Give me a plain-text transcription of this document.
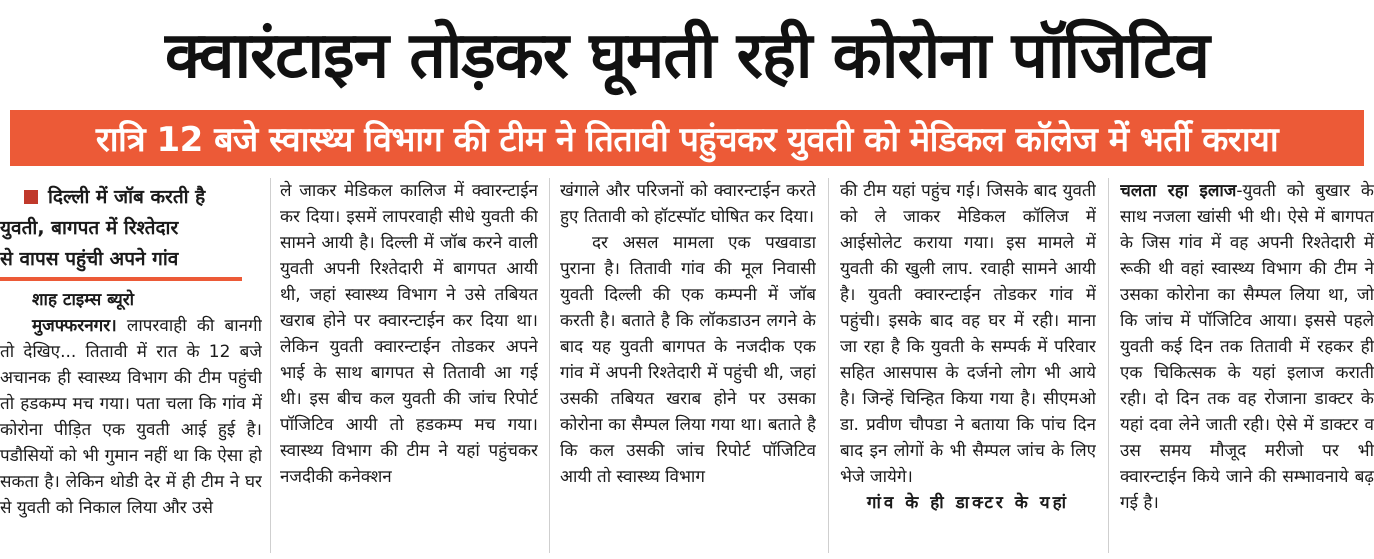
क्वारंटाइन तोड़कर घूमती रही कोरोना पॉजिटिव
रात्रि 12 बजे स्वास्थ्य विभाग की टीम ने तितावी पहुंचकर युवती को मेडिकल कॉलेज में भर्ती कराया
दिल्ली में जॉब करती है
युवती, बागपत में रिश्तेदार
से वापस पहुंची अपने गांव
शाह टाइम्स ब्यूरो

मुजफ्फरनगर। लापरवाही की बानगी तो देखिए... तितावी में रात के 12 बजे अचानक ही स्वास्थ्य विभाग की टीम पहुंची तो हडकम्प मच गया। पता चला कि गांव में कोरोना पीड़ित एक युवती आई हुई है। पडौसियों को भी गुमान नहीं था कि ऐसा हो सकता है। लेकिन थोडी देर में ही टीम ने घर से युवती को निकाल लिया और उसे

ले जाकर मेडिकल कालिज में क्वारन्टाईन कर दिया। इसमें लापरवाही सीधे युवती की सामने आयी है। दिल्ली में जॉब करने वाली युवती अपनी रिश्तेदारी में बागपत आयी थी, जहां स्वास्थ्य विभाग ने उसे तबियत खराब होने पर क्वारन्टाईन कर दिया था। लेकिन युवती क्वारन्टाईन तोडकर अपने भाई के साथ बागपत से तितावी आ गई थी। इस बीच कल युवती की जांच रिपोर्ट पॉजिटिव आयी तो हडकम्प मच गया। स्वास्थ्य विभाग की टीम ने यहां पहुंचकर नजदीकी कनेक्शन

खंगाले और परिजनों को क्वारन्टाईन करते हुए तितावी को हॉटस्पॉट घोषित कर दिया।

दर असल मामला एक पखवाडा पुराना है। तितावी गांव की मूल निवासी युवती दिल्ली की एक कम्पनी में जॉब करती है। बताते है कि लॉकडाउन लगने के बाद यह युवती बागपत के नजदीक एक गांव में अपनी रिश्तेदारी में पहुंची थी, जहां उसकी तबियत खराब होने पर उसका कोरोना का सैम्पल लिया गया था। बताते है कि कल उसकी जांच रिपोर्ट पॉजिटिव आयी तो स्वास्थ्य विभाग

की टीम यहां पहुंच गई। जिसके बाद युवती को ले जाकर मेडिकल कॉलिज में आईसोलेट कराया गया। इस मामले में युवती की खुली लाप. रवाही सामने आयी है। युवती क्वारन्टाईन तोडकर गांव में पहुंची। इसके बाद वह घर में रही। माना जा रहा है कि युवती के सम्पर्क में परिवार सहित आसपास के दर्जनो लोग भी आये है। जिन्हें चिन्हित किया गया है। सीएमओ डा. प्रवीण चौपडा ने बताया कि पांच दिन बाद इन लोगों के भी सैम्पल जांच के लिए भेजे जायेगे।

गांव के ही डाक्टर के यहां

चलता रहा इलाज-युवती को बुखार के साथ नजला खांसी भी थी। ऐसे में बागपत के जिस गांव में वह अपनी रिश्तेदारी में रूकी थी वहां स्वास्थ्य विभाग की टीम ने उसका कोरोना का सैम्पल लिया था, जो कि जांच में पॉजिटिव आया। इससे पहले युवती कई दिन तक तितावी में रहकर ही एक चिकित्सक के यहां इलाज कराती रही। दो दिन तक वह रोजाना डाक्टर के यहां दवा लेने जाती रही। ऐसे में डाक्टर व उस समय मौजूद मरीजो पर भी क्वारन्टाईन किये जाने की सम्भावनाये बढ़ गई है।
